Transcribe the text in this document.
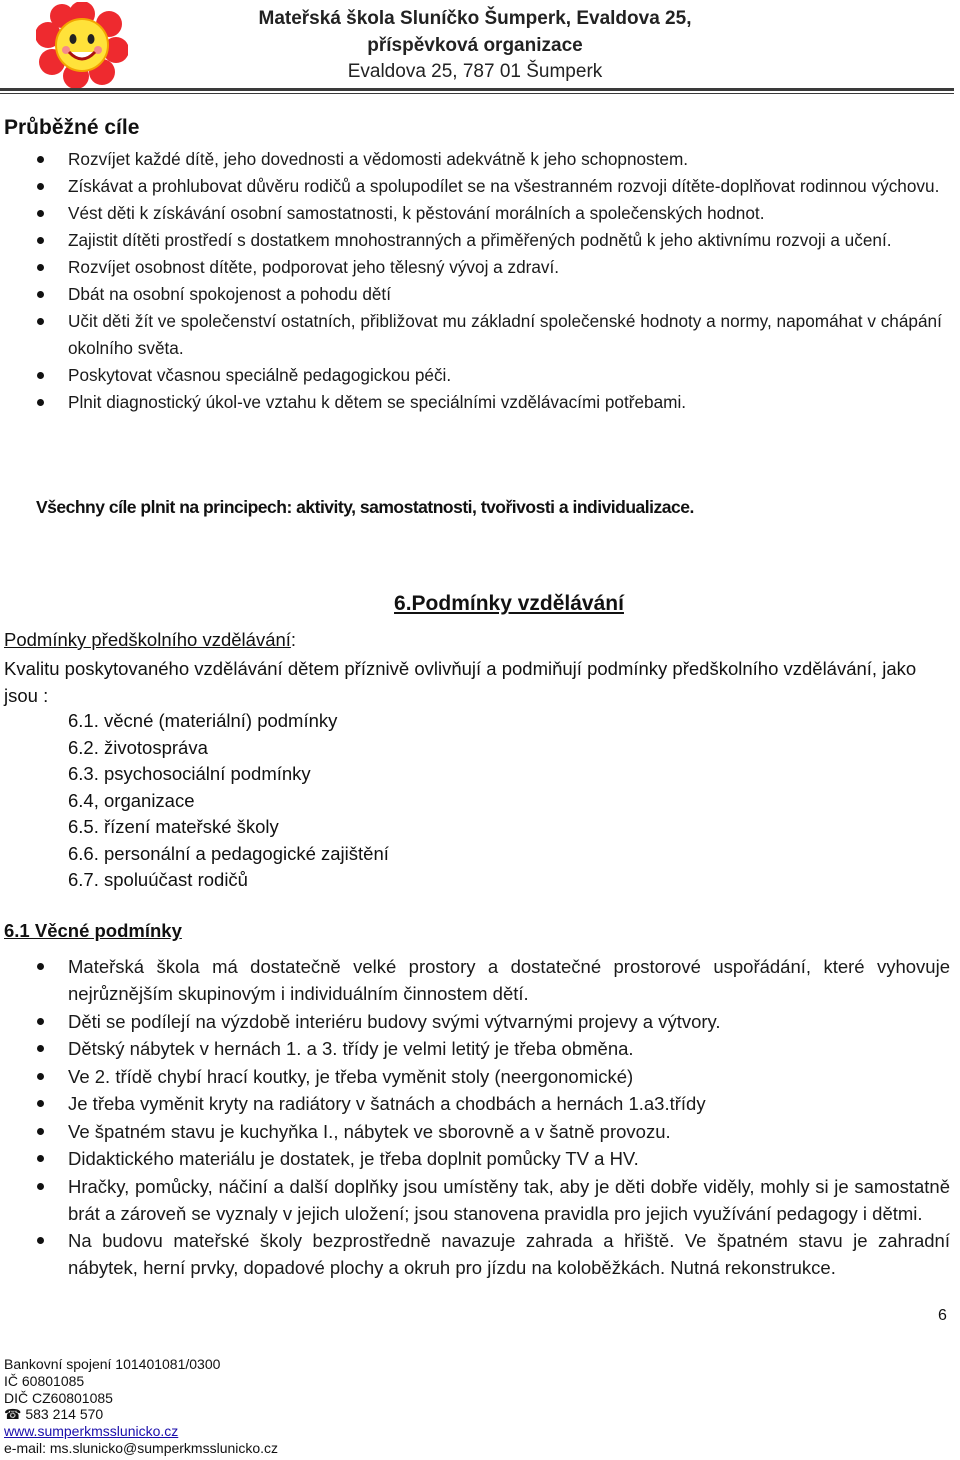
Mateřská škola Sluníčko Šumperk, Evaldova 25,
příspěvková organizace
Evaldova 25, 787 01 Šumperk
Průběžné cíle
Rozvíjet každé dítě, jeho dovednosti a vědomosti adekvátně k jeho schopnostem.
Získávat a prohlubovat důvěru rodičů a spolupodílet se na všestranném rozvoji dítěte-doplňovat rodinnou výchovu.
Vést děti k získávání osobní samostatnosti, k pěstování morálních a společenských hodnot.
Zajistit dítěti prostředí s dostatkem mnohostranných a přiměřených podnětů k jeho aktivnímu rozvoji a učení.
Rozvíjet osobnost dítěte, podporovat jeho tělesný vývoj a zdraví.
Dbát na osobní spokojenost a pohodu dětí
Učit děti žít ve společenství ostatních, přibližovat mu základní společenské hodnoty a normy, napomáhat v chápání okolního světa.
Poskytovat včasnou speciálně pedagogickou péči.
Plnit diagnostický úkol-ve vztahu k dětem se speciálními vzdělávacími potřebami.

Všechny cíle plnit na principech: aktivity, samostatnosti, tvořivosti a individualizace.

6.Podmínky vzdělávání

Podmínky předškolního vzdělávání:

Kvalitu poskytovaného vzdělávání dětem příznivě ovlivňují a podmiňují podmínky předškolního vzdělávání, jako jsou :

6.1. věcné (materiální) podmínky
6.2. životospráva
6.3. psychosociální podmínky
6.4, organizace
6.5. řízení mateřské školy
6.6. personální a pedagogické zajištění
6.7. spoluúčast rodičů
6.1 Věcné podmínky
Mateřská škola má dostatečně velké prostory a dostatečné prostorové uspořádání, které vyhovuje nejrůznějším skupinovým i individuálním činnostem dětí.
Děti se podílejí na výzdobě interiéru budovy svými výtvarnými projevy a výtvory.
Dětský nábytek v hernách 1. a 3. třídy je velmi letitý je třeba obměna.
Ve 2. třídě chybí hrací koutky, je třeba vyměnit stoly (neergonomické)
Je třeba vyměnit kryty na radiátory v šatnách a chodbách a hernách 1.a3.třídy
Ve špatném stavu je kuchyňka I., nábytek ve sborovně a v šatně provozu.
Didaktického materiálu je dostatek, je třeba doplnit pomůcky TV a HV.
Hračky, pomůcky, náčiní a další doplňky jsou umístěny tak, aby je děti dobře viděly, mohly si je samostatně brát a zároveň se vyznaly v jejich uložení; jsou stanovena pravidla pro jejich využívání pedagogy i dětmi.
Na budovu mateřské školy bezprostředně navazuje zahrada a hřiště. Ve špatném stavu je zahradní nábytek, herní prvky, dopadové plochy a okruh pro jízdu na koloběžkách. Nutná rekonstrukce.
6
Bankovní spojení 101401081/0300
IČ 60801085
DIČ CZ60801085
☎ 583 214 570
www.sumperkmsslunicko.cz
e-mail: ms.slunicko@sumperkmsslunicko.cz
